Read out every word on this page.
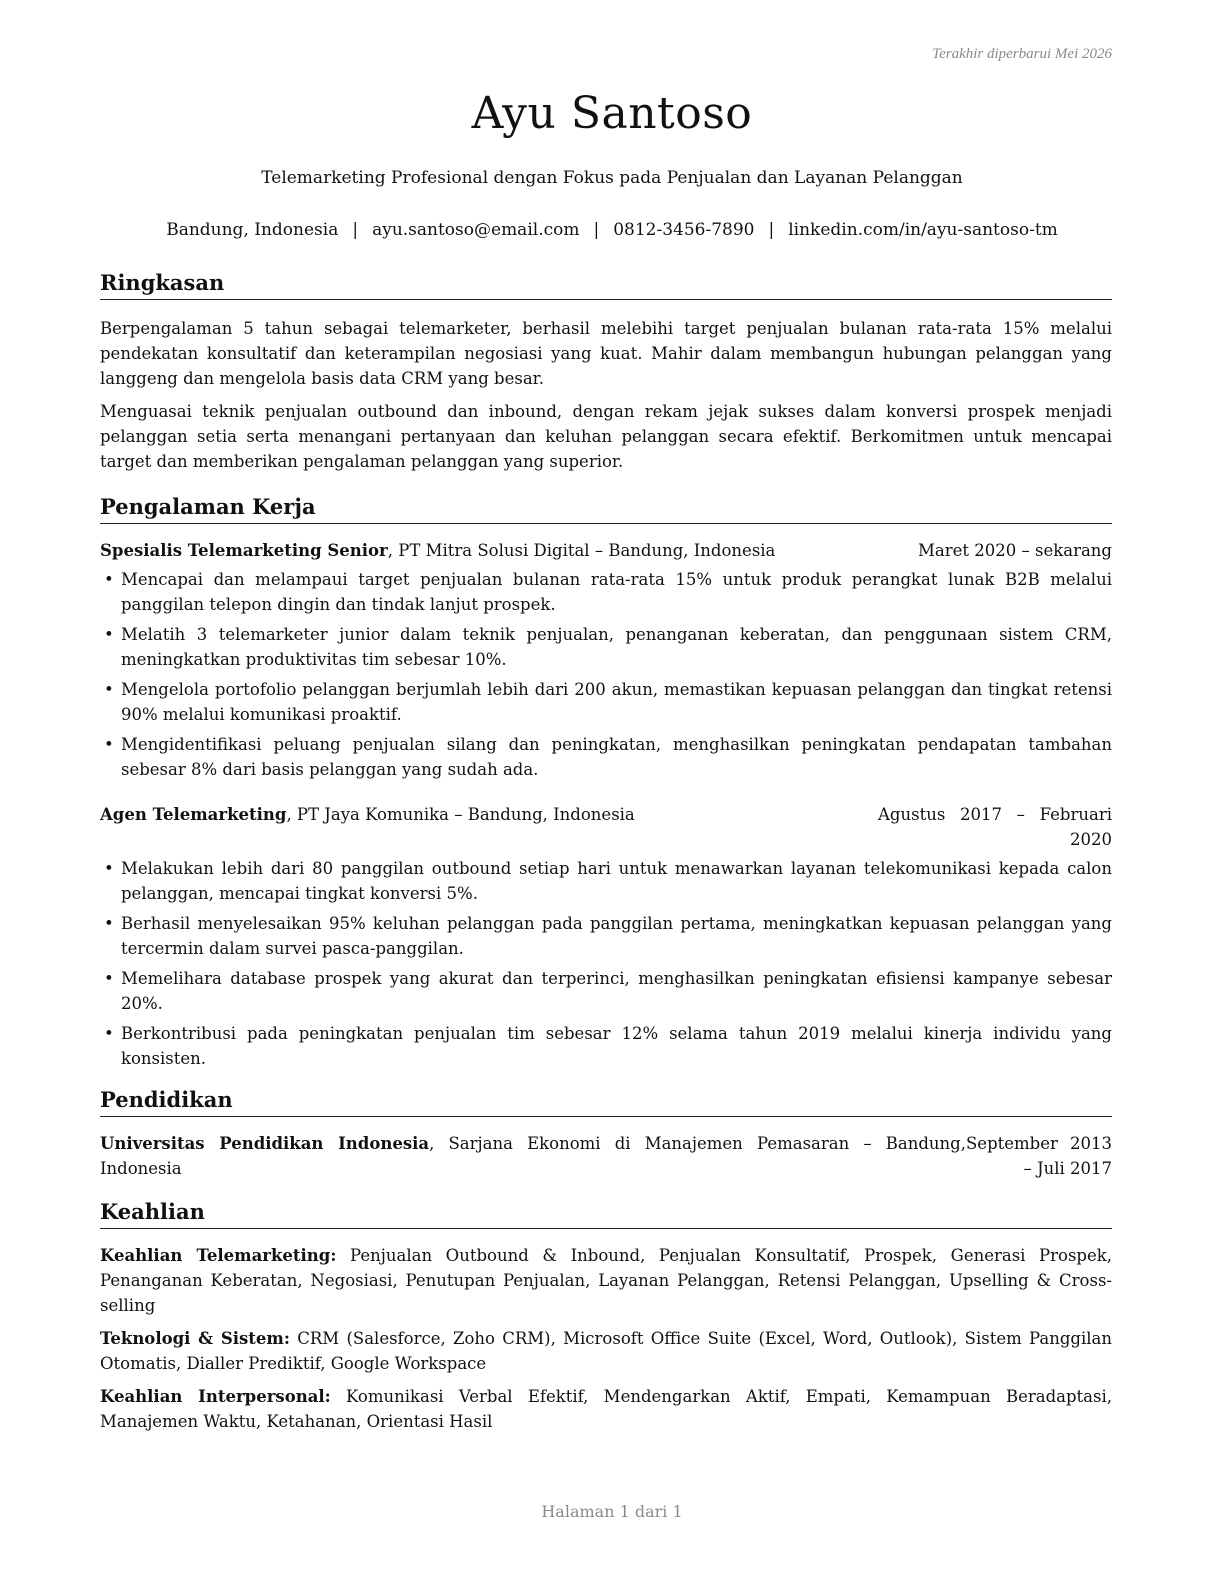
Terakhir diperbarui Mei 2026
Ayu Santoso
Telemarketing Profesional dengan Fokus pada Penjualan dan Layanan Pelanggan
Bandung, Indonesia | ayu.santoso@email.com | 0812-3456-7890 | linkedin.com/in/ayu-santoso-tm
Ringkasan

Berpengalaman 5 tahun sebagai telemarketer, berhasil melebihi target penjualan bulanan rata-rata 15% melalui pendekatan konsultatif dan keterampilan negosiasi yang kuat. Mahir dalam membangun hubungan pelanggan yang langgeng dan mengelola basis data CRM yang besar.

Menguasai teknik penjualan outbound dan inbound, dengan rekam jejak sukses dalam konversi prospek menjadi pelanggan setia serta menangani pertanyaan dan keluhan pelanggan secara efektif. Berkomitmen untuk mencapai target dan memberikan pengalaman pelanggan yang superior.

Pengalaman Kerja
Spesialis Telemarketing Senior, PT Mitra Solusi Digital – Bandung, Indonesia	Maret 2020 – sekarang
• Mencapai dan melampaui target penjualan bulanan rata-rata 15% untuk produk perangkat lunak B2B melalui panggilan telepon dingin dan tindak lanjut prospek.
• Melatih 3 telemarketer junior dalam teknik penjualan, penanganan keberatan, dan penggunaan sistem CRM, meningkatkan produktivitas tim sebesar 10%.
• Mengelola portofolio pelanggan berjumlah lebih dari 200 akun, memastikan kepuasan pelanggan dan tingkat retensi 90% melalui komunikasi proaktif.
• Mengidentifikasi peluang penjualan silang dan peningkatan, menghasilkan peningkatan pendapatan tambahan sebesar 8% dari basis pelanggan yang sudah ada.
Agen Telemarketing, PT Jaya Komunika – Bandung, Indonesia	Agustus 2017 – Februari 2020
• Melakukan lebih dari 80 panggilan outbound setiap hari untuk menawarkan layanan telekomunikasi kepada calon pelanggan, mencapai tingkat konversi 5%.
• Berhasil menyelesaikan 95% keluhan pelanggan pada panggilan pertama, meningkatkan kepuasan pelanggan yang tercermin dalam survei pasca-panggilan.
• Memelihara database prospek yang akurat dan terperinci, menghasilkan peningkatan efisiensi kampanye sebesar 20%.
• Berkontribusi pada peningkatan penjualan tim sebesar 12% selama tahun 2019 melalui kinerja individu yang konsisten.
Pendidikan
Universitas Pendidikan Indonesia, Sarjana Ekonomi di Manajemen Pemasaran – Bandung, Indonesia
September 2013 – Juli 2017
Keahlian

Keahlian Telemarketing: Penjualan Outbound & Inbound, Penjualan Konsultatif, Prospek, Generasi Prospek, Penanganan Keberatan, Negosiasi, Penutupan Penjualan, Layanan Pelanggan, Retensi Pelanggan, Upselling & Cross-selling

Teknologi & Sistem: CRM (Salesforce, Zoho CRM), Microsoft Office Suite (Excel, Word, Outlook), Sistem Panggilan Otomatis, Dialler Prediktif, Google Workspace

Keahlian Interpersonal: Komunikasi Verbal Efektif, Mendengarkan Aktif, Empati, Kemampuan Beradaptasi, Manajemen Waktu, Ketahanan, Orientasi Hasil

Halaman 1 dari 1
